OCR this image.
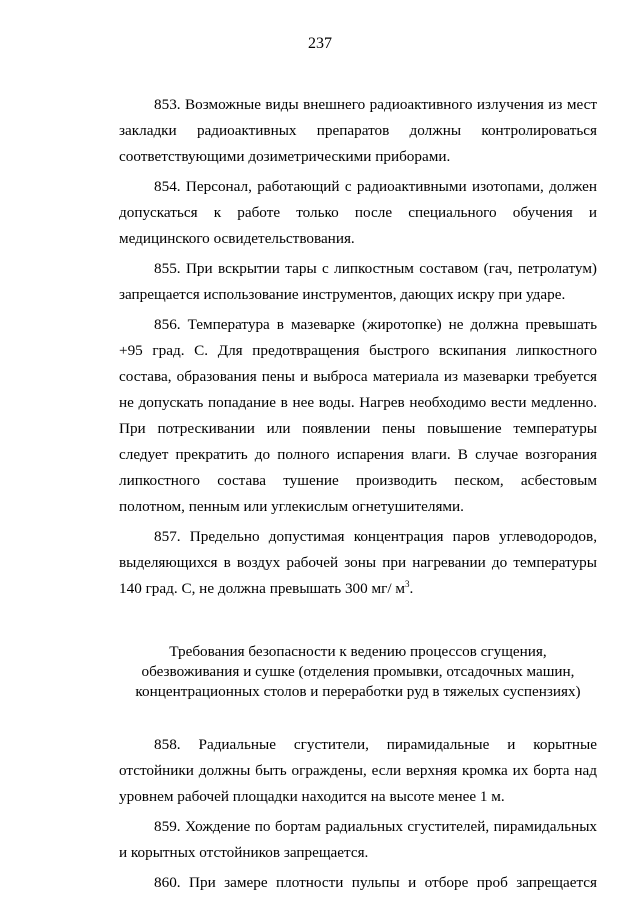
237

853. Возможные виды внешнего радиоактивного излучения из мест закладки радиоактивных препаратов должны контролироваться соответствующими дозиметрическими приборами.

854. Персонал, работающий с радиоактивными изотопами, должен допускаться к работе только после специального обучения и медицинского освидетельствования.

855. При вскрытии тары с липкостным составом (гач, петролатум) запрещается использование инструментов, дающих искру при ударе.

856. Температура в мазеварке (жиротопке) не должна превышать +95 град. С. Для предотвращения быстрого вскипания липкостного состава, образования пены и выброса материала из мазеварки требуется не допускать попадание в нее воды. Нагрев необходимо вести медленно. При потрескивании или появлении пены повышение температуры следует прекратить до полного испарения влаги. В случае возгорания липкостного состава тушение производить песком, асбестовым полотном, пенным или углекислым огнетушителями.

857. Предельно допустимая концентрация паров углеводородов, выделяющихся в воздух рабочей зоны при нагревании до температуры 140 град. С, не должна превышать 300 мг/ $м^3$.

Требования безопасности к ведению процессов сгущения,
обезвоживания и сушке (отделения промывки, отсадочных машин,
концентрационных столов и переработки руд в тяжелых суспензиях)

858. Радиальные сгустители, пирамидальные и корытные отстойники должны быть ограждены, если верхняя кромка их борта над уровнем рабочей площадки находится на высоте менее 1 м.

859. Хождение по бортам радиальных сгустителей, пирамидальных и корытных отстойников запрещается.

860. При замере плотности пульпы и отборе проб запрещается
